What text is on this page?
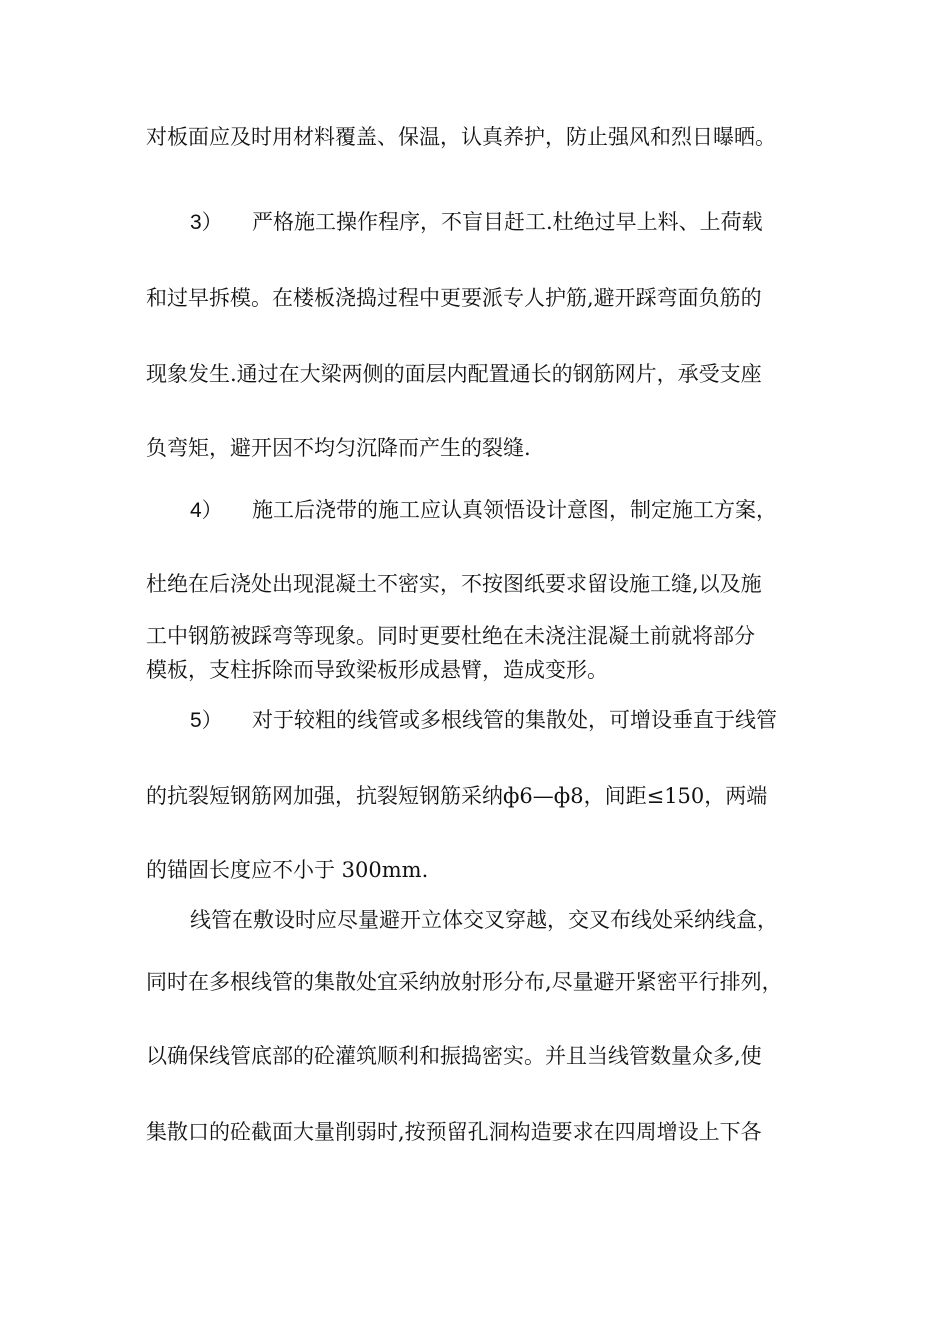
对板面应及时用材料覆盖、保温，认真养护，防止强风和烈日曝晒。

3） 严格施工操作程序，不盲目赶工.杜绝过早上料、上荷载

和过早拆模。在楼板浇捣过程中更要派专人护筋,避开踩弯面负筋的

现象发生.通过在大梁两侧的面层内配置通长的钢筋网片，承受支座

负弯矩，避开因不均匀沉降而产生的裂缝.

4） 施工后浇带的施工应认真领悟设计意图，制定施工方案，

杜绝在后浇处出现混凝土不密实，不按图纸要求留设施工缝,以及施

工中钢筋被踩弯等现象。同时更要杜绝在未浇注混凝土前就将部分

模板，支柱拆除而导致梁板形成悬臂，造成变形。

5） 对于较粗的线管或多根线管的集散处，可增设垂直于线管

的抗裂短钢筋网加强，抗裂短钢筋采纳ф6—ф8，间距≤150，两端

的锚固长度应不小于 300mm.

线管在敷设时应尽量避开立体交叉穿越，交叉布线处采纳线盒，

同时在多根线管的集散处宜采纳放射形分布,尽量避开紧密平行排列，

以确保线管底部的砼灌筑顺利和振捣密实。并且当线管数量众多,使

集散口的砼截面大量削弱时,按预留孔洞构造要求在四周增设上下各
